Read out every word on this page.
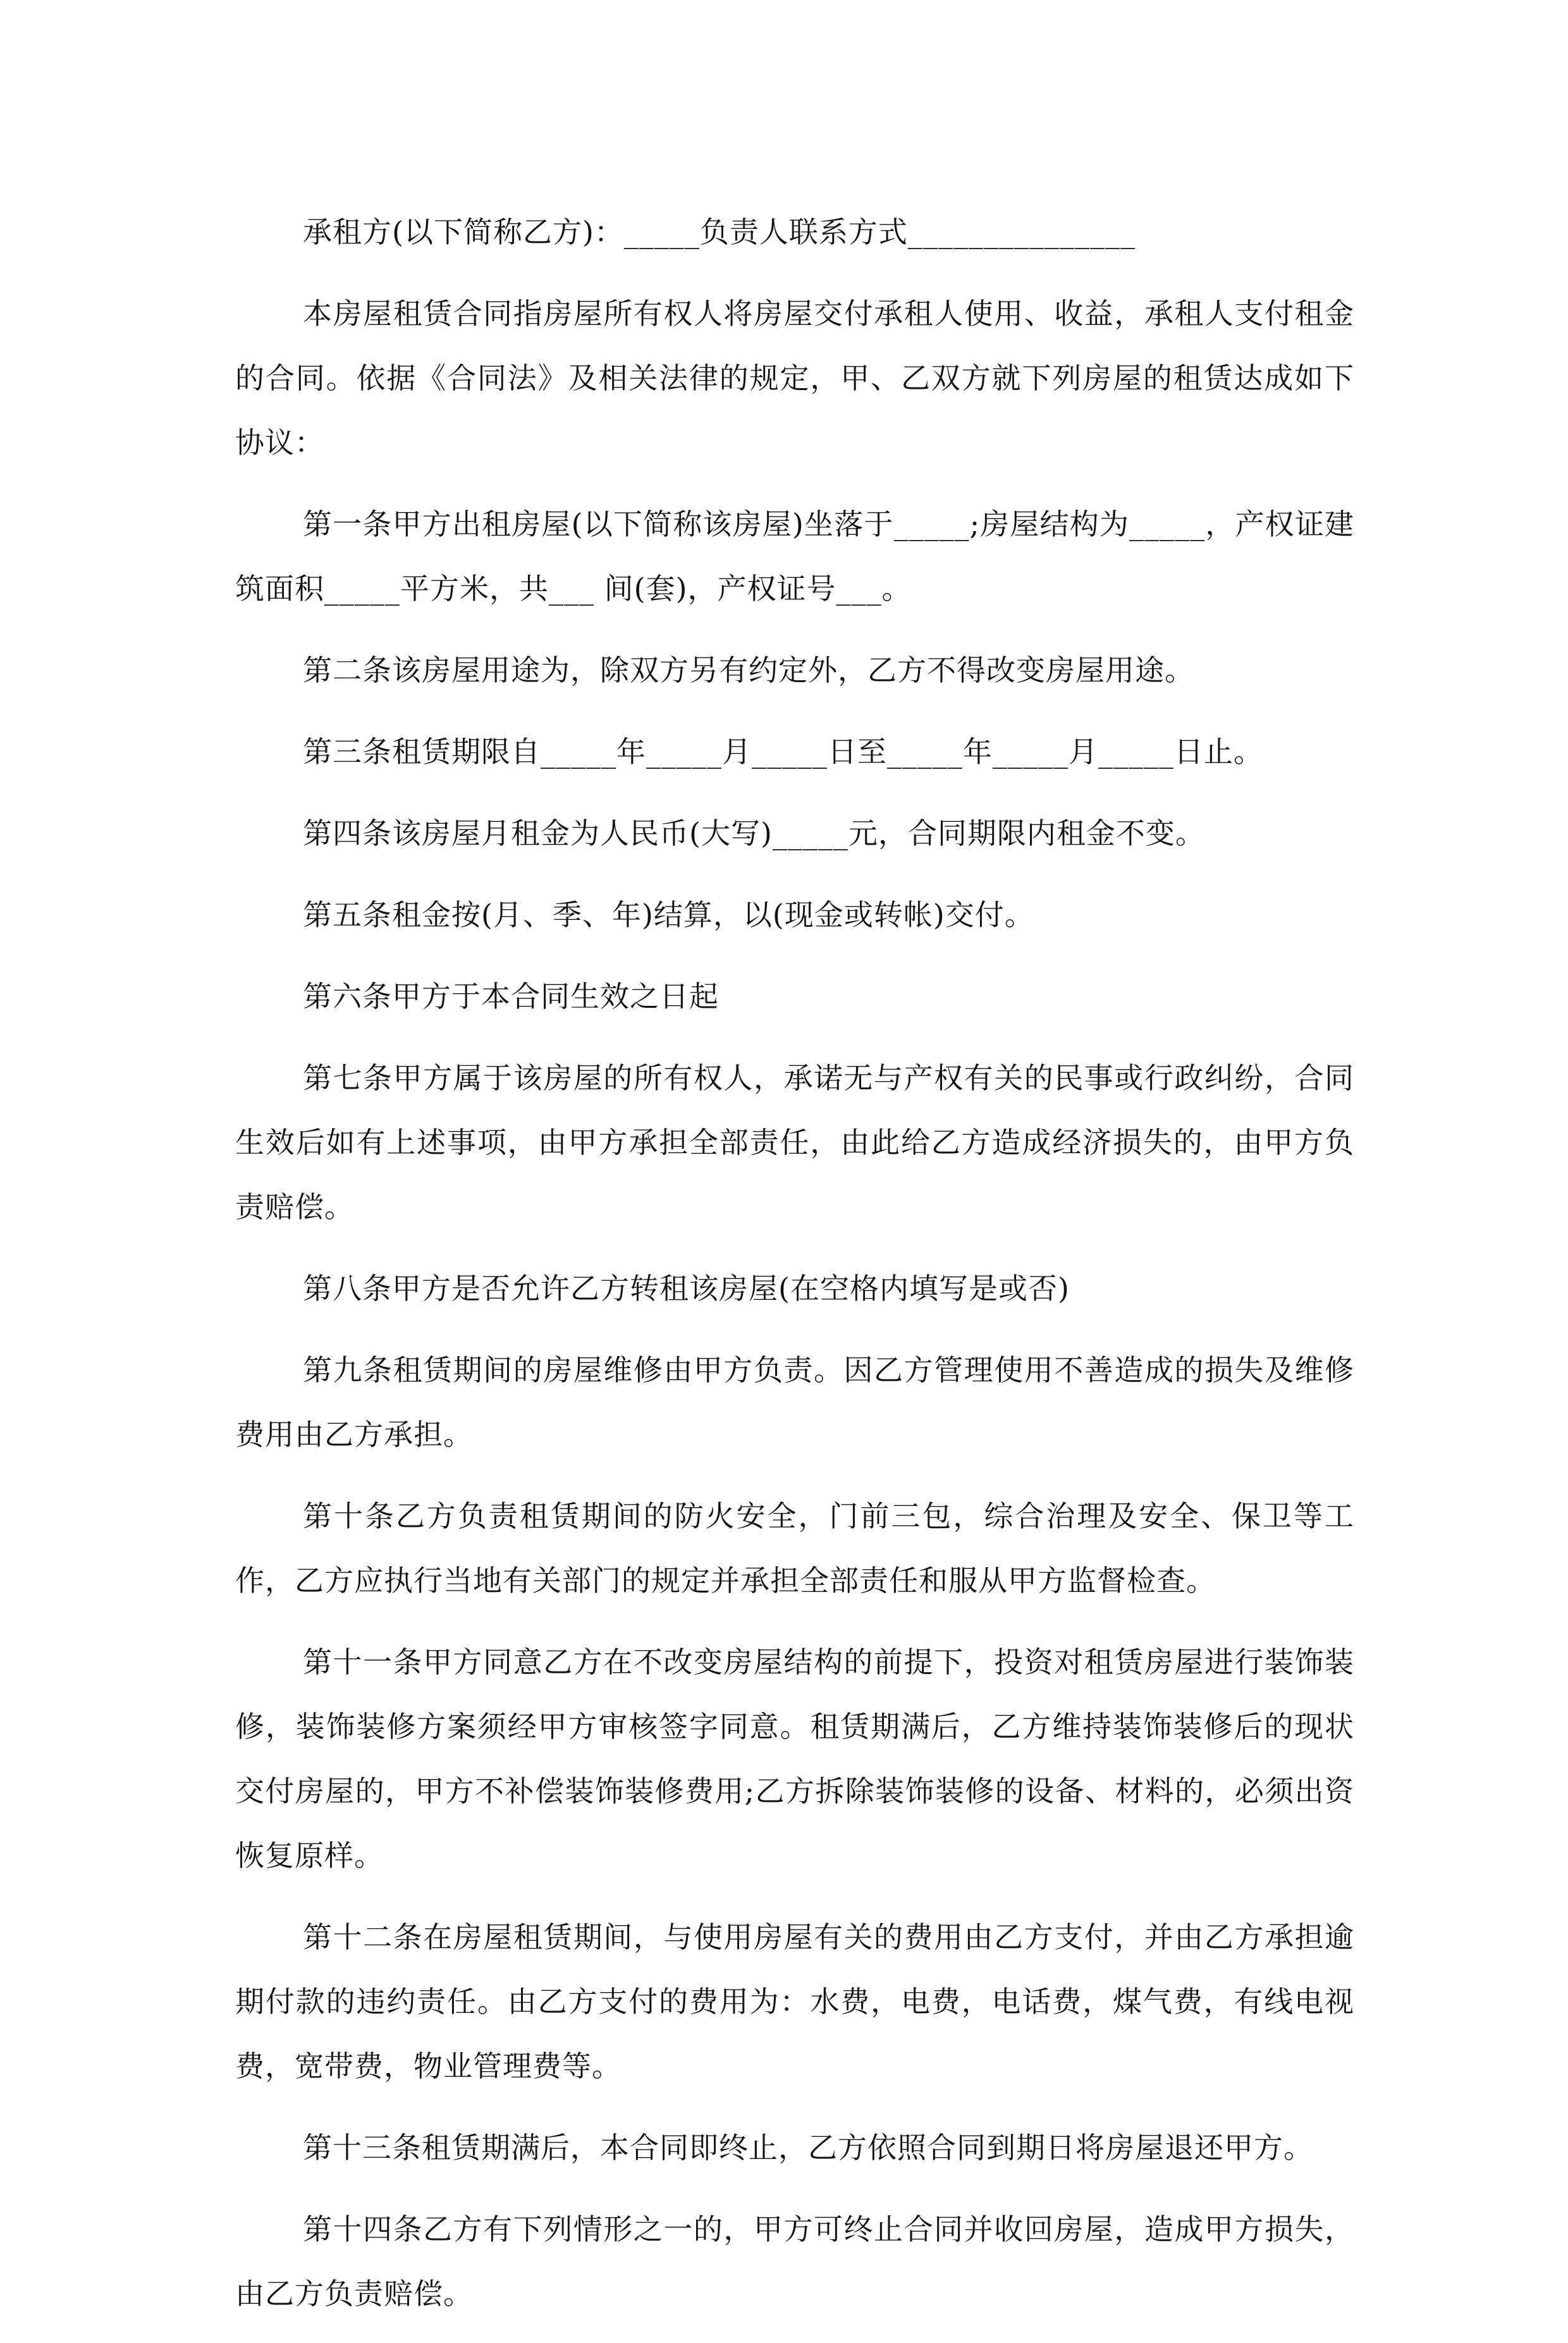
承租方(以下简称乙方)：_____负责人联系方式_______________

本房屋租赁合同指房屋所有权人将房屋交付承租人使用、收益，承租人支付租金的合同。依据《合同法》及相关法律的规定，甲、乙双方就下列房屋的租赁达成如下协议：

第一条甲方出租房屋(以下简称该房屋)坐落于_____;房屋结构为_____，产权证建筑面积_____平方米，共___ 间(套)，产权证号___。

第二条该房屋用途为，除双方另有约定外，乙方不得改变房屋用途。

第三条租赁期限自_____年_____月_____日至_____年_____月_____日止。

第四条该房屋月租金为人民币(大写)_____元，合同期限内租金不变。

第五条租金按(月、季、年)结算，以(现金或转帐)交付。

第六条甲方于本合同生效之日起

第七条甲方属于该房屋的所有权人，承诺无与产权有关的民事或行政纠纷，合同生效后如有上述事项，由甲方承担全部责任，由此给乙方造成经济损失的，由甲方负责赔偿。

第八条甲方是否允许乙方转租该房屋(在空格内填写是或否)

第九条租赁期间的房屋维修由甲方负责。因乙方管理使用不善造成的损失及维修费用由乙方承担。

第十条乙方负责租赁期间的防火安全，门前三包，综合治理及安全、保卫等工作，乙方应执行当地有关部门的规定并承担全部责任和服从甲方监督检查。

第十一条甲方同意乙方在不改变房屋结构的前提下，投资对租赁房屋进行装饰装修，装饰装修方案须经甲方审核签字同意。租赁期满后，乙方维持装饰装修后的现状交付房屋的，甲方不补偿装饰装修费用;乙方拆除装饰装修的设备、材料的，必须出资恢复原样。

第十二条在房屋租赁期间，与使用房屋有关的费用由乙方支付，并由乙方承担逾期付款的违约责任。由乙方支付的费用为：水费，电费，电话费，煤气费，有线电视费，宽带费，物业管理费等。

第十三条租赁期满后，本合同即终止，乙方依照合同到期日将房屋退还甲方。

第十四条乙方有下列情形之一的，甲方可终止合同并收回房屋，造成甲方损失，由乙方负责赔偿。
